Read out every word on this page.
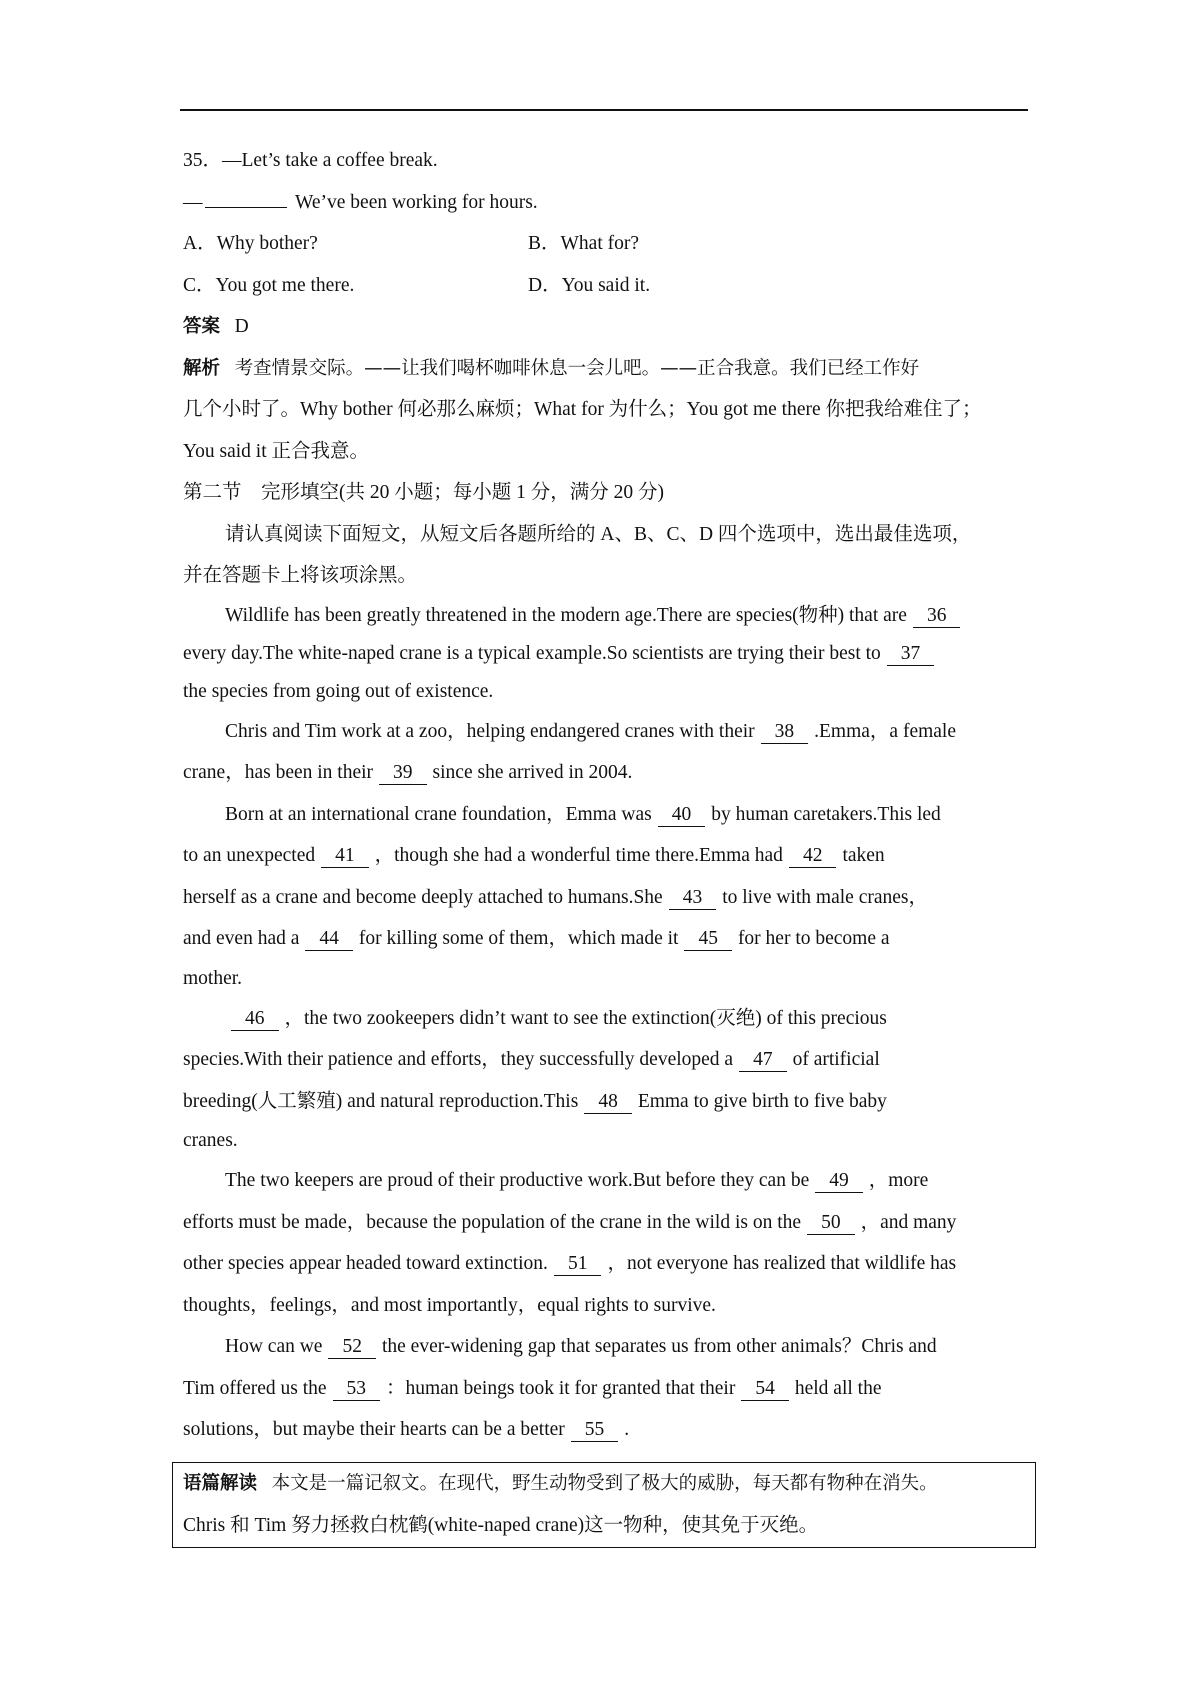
35．—Let’s take a coffee break.
—	We’ve been working for hours.
A．Why bother?	B．What for?
C．You got me there.	D．You said it.
答案 D
解析 考查情景交际。——让我们喝杯咖啡休息一会儿吧。——正合我意。我们已经工作好
几个小时了。Why bother 何必那么麻烦；What for 为什么；You got me there 你把我给难住了；
You said it 正合我意。
第二节　完形填空(共 20 小题；每小题 1 分，满分 20 分)
请认真阅读下面短文，从短文后各题所给的 A、B、C、D 四个选项中，选出最佳选项，
并在答题卡上将该项涂黑。
Wildlife has been greatly threatened in the modern age.There are species(物种) that are 36
every day.The white-naped crane is a typical example.So scientists are trying their best to 37
the species from going out of existence.
Chris and Tim work at a zoo，helping endangered cranes with their 38 .Emma，a female
crane，has been in their 39 since she arrived in 2004.
Born at an international crane foundation，Emma was 40 by human caretakers.This led
to an unexpected 41 ，though she had a wonderful time there.Emma had 42 taken
herself as a crane and become deeply attached to humans.She 43 to live with male cranes，
and even had a 44 for killing some of them，which made it 45 for her to become a
mother.
46 ，the two zookeepers didn’t want to see the extinction(灭绝) of this precious
species.With their patience and efforts，they successfully developed a 47 of artificial
breeding(人工繁殖) and natural reproduction.This 48 Emma to give birth to five baby
cranes.
The two keepers are proud of their productive work.But before they can be 49 ，more
efforts must be made，because the population of the crane in the wild is on the 50 ，and many
other species appear headed toward extinction. 51 ，not everyone has realized that wildlife has
thoughts，feelings，and most importantly，equal rights to survive.
How can we 52 the ever-widening gap that separates us from other animals？Chris and
Tim offered us the 53 ：human beings took it for granted that their 54 held all the
solutions，but maybe their hearts can be a better 55 .
语篇解读 本文是一篇记叙文。在现代，野生动物受到了极大的威胁，每天都有物种在消失。
Chris 和 Tim 努力拯救白枕鹤(white-naped crane)这一物种，使其免于灭绝。
